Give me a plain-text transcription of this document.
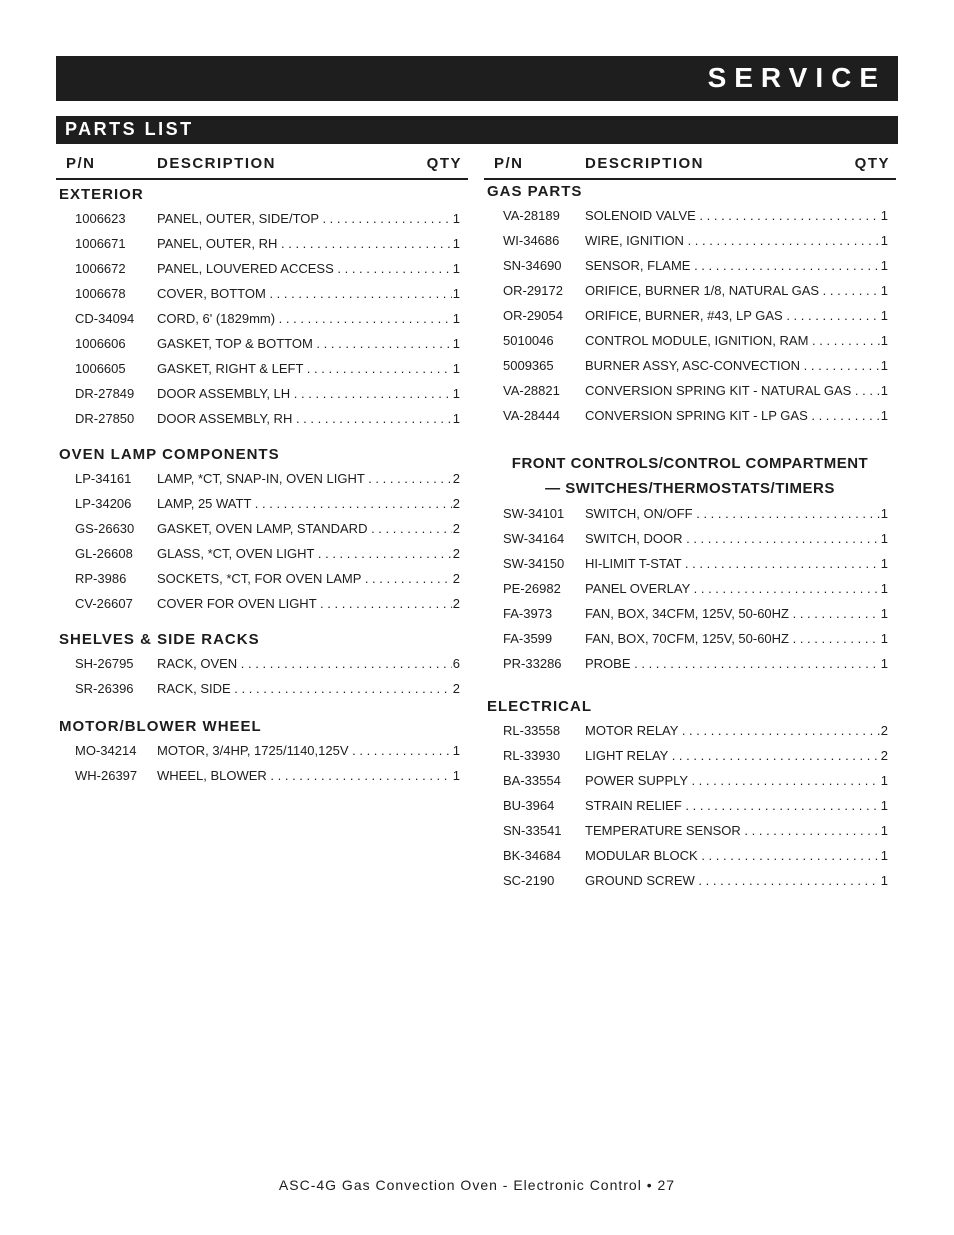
SERVICE
PARTS LIST
P/N	DESCRIPTION	QTY
EXTERIOR
1006623 PANEL, OUTER, SIDE/TOP . . .	1
1006671 PANEL, OUTER, RH . . .	1
1006672 PANEL, LOUVERED ACCESS . . .	1
1006678 COVER, BOTTOM . . .	1
CD-34094 CORD, 6' (1829mm) . . .	1
1006606 GASKET, TOP & BOTTOM . . .	1
1006605 GASKET, RIGHT & LEFT . . .	1
DR-27849 DOOR ASSEMBLY, LH . . .	1
DR-27850 DOOR ASSEMBLY, RH . . .	1
OVEN LAMP COMPONENTS
LP-34161 LAMP, *CT, SNAP-IN, OVEN LIGHT . . .	2
LP-34206 LAMP, 25 WATT . . .	2
GS-26630 GASKET, OVEN LAMP, STANDARD . . .	2
GL-26608 GLASS, *CT, OVEN LIGHT . . .	2
RP-3986 SOCKETS, *CT, FOR OVEN LAMP . . .	2
CV-26607 COVER FOR OVEN LIGHT . . .	2
SHELVES & SIDE RACKS
SH-26795 RACK, OVEN . . .	6
SR-26396 RACK, SIDE . . .	2
MOTOR/BLOWER WHEEL
MO-34214 MOTOR, 3/4HP, 1725/1140,125V . . .	1
WH-26397 WHEEL, BLOWER . . .	1
P/N	DESCRIPTION	QTY
GAS PARTS
VA-28189 SOLENOID VALVE . . .	1
WI-34686 WIRE, IGNITION . . .	1
SN-34690 SENSOR, FLAME . . .	1
OR-29172 ORIFICE, BURNER 1/8, NATURAL GAS . . .	1
OR-29054 ORIFICE, BURNER, #43, LP GAS . . .	1
5010046 CONTROL MODULE, IGNITION, RAM . . .	1
5009365 BURNER ASSY, ASC-CONVECTION . . .	1
VA-28821 CONVERSION SPRING KIT - NATURAL GAS . . .	1
VA-28444 CONVERSION SPRING KIT - LP GAS . . .	1
FRONT CONTROLS/CONTROL COMPARTMENT
— SWITCHES/THERMOSTATS/TIMERS
SW-34101 SWITCH, ON/OFF . . .	1
SW-34164 SWITCH, DOOR . . .	1
SW-34150 HI-LIMIT T-STAT . . .	1
PE-26982 PANEL OVERLAY . . .	1
FA-3973	FAN, BOX, 34CFM, 125V, 50-60HZ . . .	1
FA-3599	FAN, BOX, 70CFM, 125V, 50-60HZ . . .	1
PR-33286 PROBE . . .	1
ELECTRICAL
RL-33558 MOTOR RELAY . . .	2
RL-33930 LIGHT RELAY . . .	2
BA-33554 POWER SUPPLY . . .	1
BU-3964 STRAIN RELIEF . . .	1
SN-33541 TEMPERATURE SENSOR . . .	1
BK-34684 MODULAR BLOCK . . .	1
SC-2190 GROUND SCREW . . .	1
ASC-4G Gas Convection Oven - Electronic Control • 27
